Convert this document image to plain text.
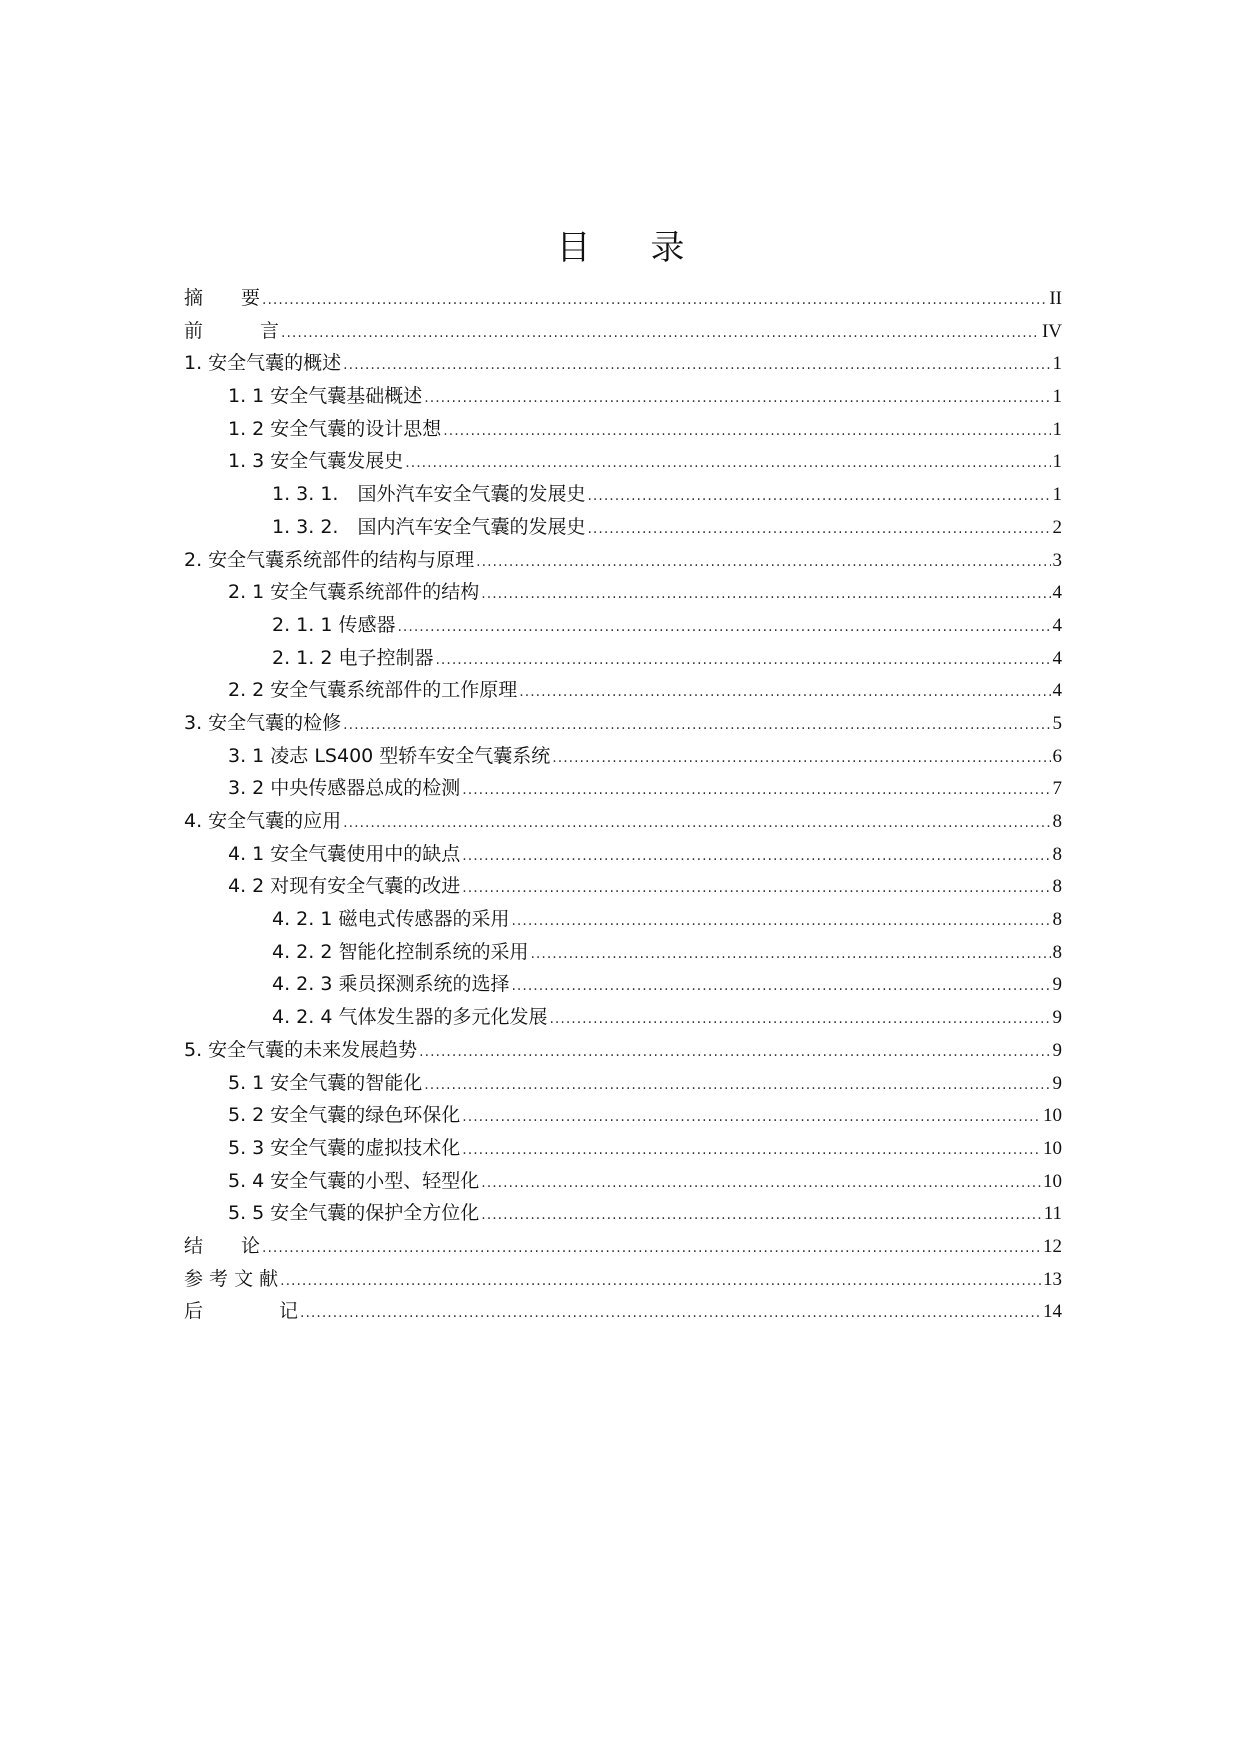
目 录
摘　　要 .....	II
前　　　言 .....	IV
1. 安全气囊的概述 .....	1
1. 1 安全气囊基础概述 .....	1
1. 2 安全气囊的设计思想 .....	1
1. 3 安全气囊发展史 .....	1
1. 3. 1.　国外汽车安全气囊的发展史 .....	1
1. 3. 2.　国内汽车安全气囊的发展史 .....	2
2. 安全气囊系统部件的结构与原理 .....	3
2. 1 安全气囊系统部件的结构 .....	4
2. 1. 1 传感器 .....	4
2. 1. 2 电子控制器 .....	4
2. 2 安全气囊系统部件的工作原理 .....	4
3. 安全气囊的检修 .....	5
3. 1 凌志 LS400 型轿车安全气囊系统 .....	6
3. 2 中央传感器总成的检测 .....	7
4. 安全气囊的应用 .....	8
4. 1 安全气囊使用中的缺点 .....	8
4. 2 对现有安全气囊的改进 .....	8
4. 2. 1 磁电式传感器的采用 .....	8
4. 2. 2 智能化控制系统的采用 .....	8
4. 2. 3 乘员探测系统的选择 .....	9
4. 2. 4 气体发生器的多元化发展 .....	9
5. 安全气囊的未来发展趋势 .....	9
5. 1 安全气囊的智能化 .....	9
5. 2 安全气囊的绿色环保化 .....	10
5. 3 安全气囊的虚拟技术化 .....	10
5. 4 安全气囊的小型、轻型化 .....	10
5. 5 安全气囊的保护全方位化 .....	11
结　　论 .....	12
参 考 文 献 .....	13
后　　　　记 .....	14
